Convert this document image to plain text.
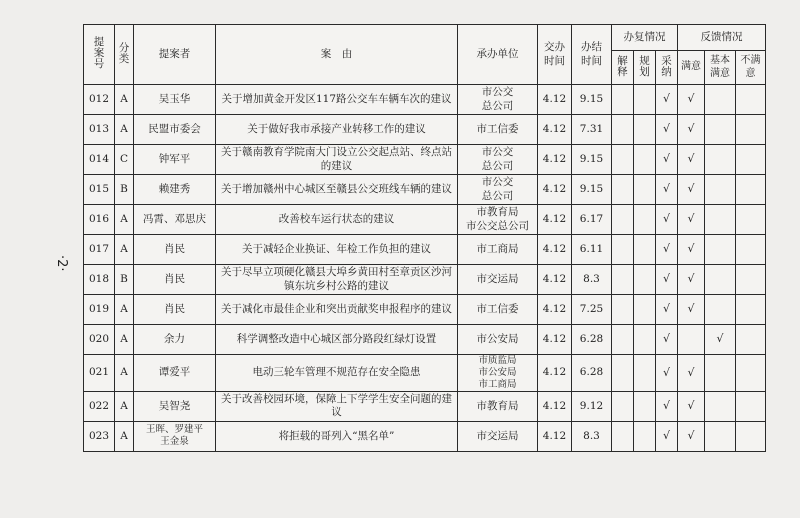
·2·
提案号	分类	提案者	案　由	承办单位	交办时间	办结时间	办复情况			反馈情况		
							解释	规划	采纳	满意	基本满意	不满意
012	A	吴玉华	关于增加黄金开发区117路公交车车辆车次的建议	市公交
总公司	4.12	9.15			√	√		
013	A	民盟市委会	关于做好我市承接产业转移工作的建议	市工信委	4.12	7.31			√	√		
014	C	钟军平	关于赣南教育学院南大门设立公交起点站、终点站的建议	市公交
总公司	4.12	9.15			√	√		
015	B	赖建秀	关于增加赣州中心城区至赣县公交班线车辆的建议	市公交
总公司	4.12	9.15			√	√		
016	A	冯霄、邓思庆	改善校车运行状态的建议	市教育局
市公交总公司	4.12	6.17			√	√		
017	A	肖民	关于减轻企业换证、年检工作负担的建议	市工商局	4.12	6.11			√	√		
018	B	肖民	关于尽早立项硬化赣县大埠乡黄田村至章贡区沙河镇东坑乡村公路的建议	市交运局	4.12	8.3			√	√		
019	A	肖民	关于减化市最佳企业和突出贡献奖申报程序的建议	市工信委	4.12	7.25			√	√		
020	A	余力	科学调整改造中心城区部分路段红绿灯设置	市公安局	4.12	6.28			√		√	
021	A	谭爱平	电动三轮车管理不规范存在安全隐患	市质监局
市公安局
市工商局	4.12	6.28			√	√		
022	A	吴智尧	关于改善校园环境，保障上下学学生安全问题的建议	市教育局	4.12	9.12			√	√		
023	A	王晖、罗建平
王金泉	将拒载的哥列入“黑名单”	市交运局	4.12	8.3			√	√		
